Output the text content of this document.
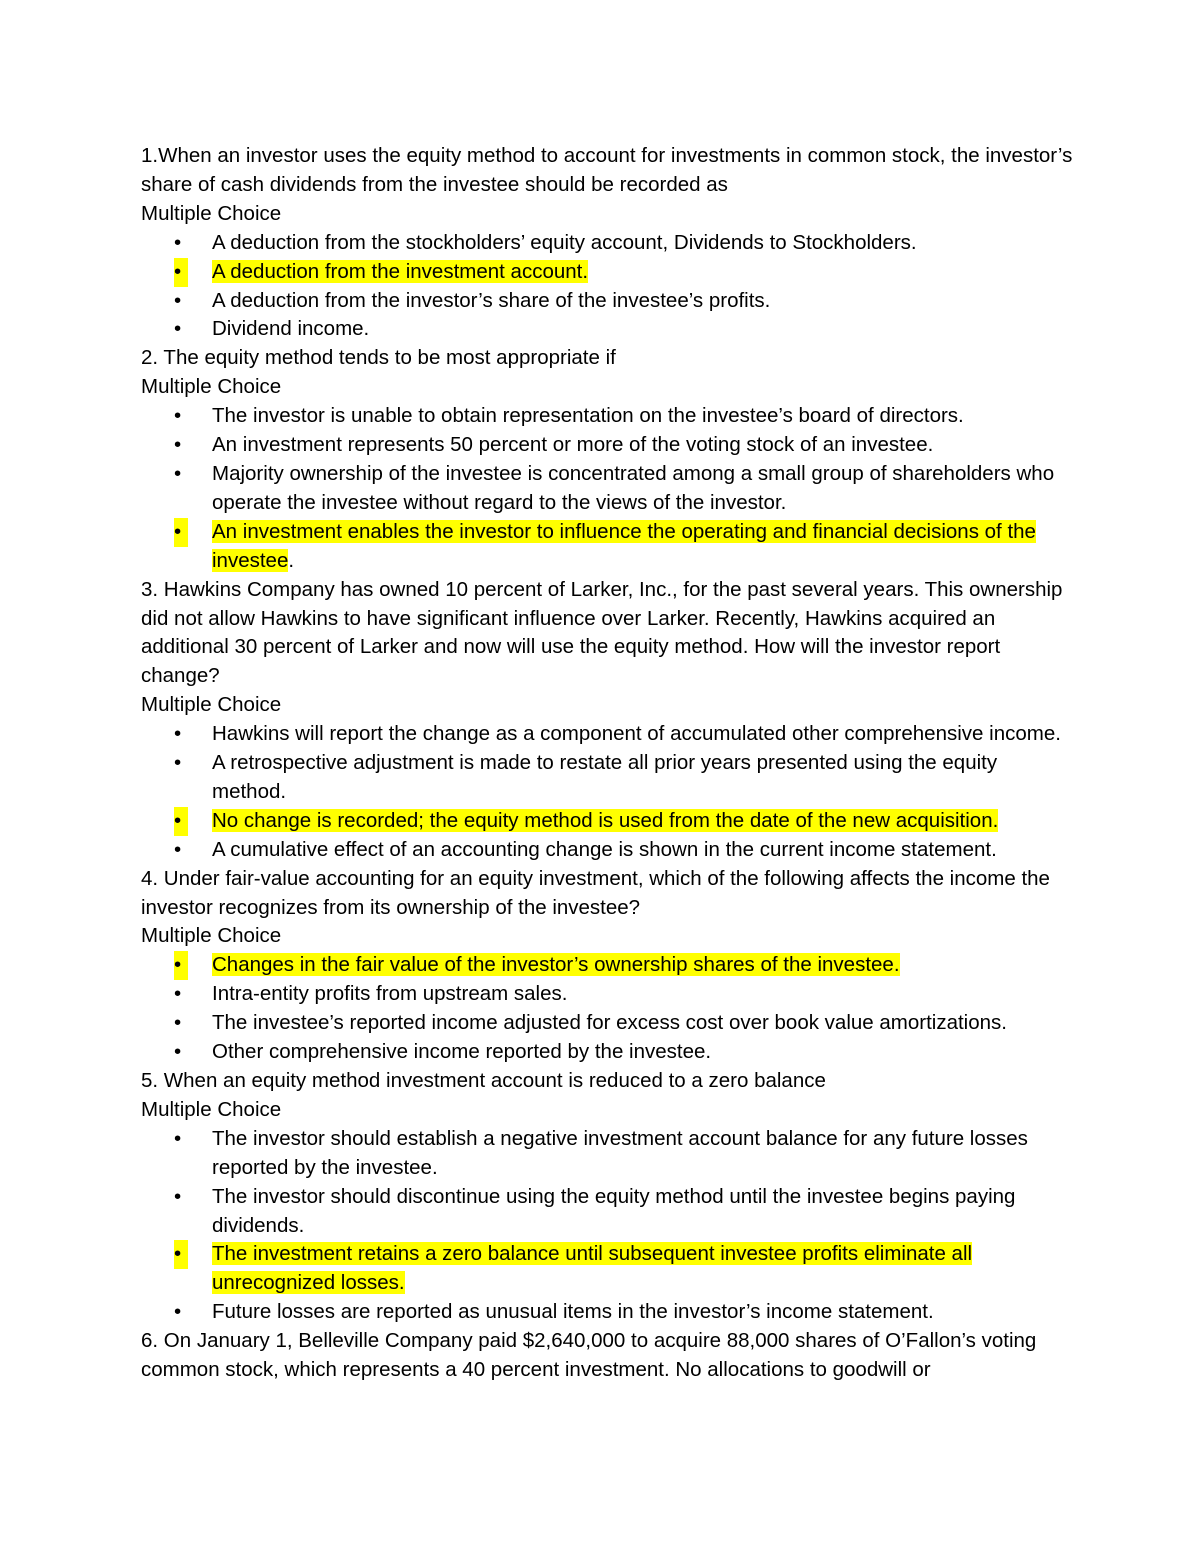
1.When an investor uses the equity method to account for investments in common stock, the investor’s share of cash dividends from the investee should be recorded as

Multiple Choice

•	A deduction from the stockholders’ equity account, Dividends to Stockholders.
•	A deduction from the investment account.
•	A deduction from the investor’s share of the investee’s profits.
•	Dividend income.

2. The equity method tends to be most appropriate if

Multiple Choice

•	The investor is unable to obtain representation on the investee’s board of directors.
•	An investment represents 50 percent or more of the voting stock of an investee.
•	Majority ownership of the investee is concentrated among a small group of shareholders who operate the investee without regard to the views of the investor.
•	An investment enables the investor to influence the operating and financial decisions of the investee.

3. Hawkins Company has owned 10 percent of Larker, Inc., for the past several years. This ownership did not allow Hawkins to have significant influence over Larker. Recently, Hawkins acquired an additional 30 percent of Larker and now will use the equity method. How will the investor report change?

Multiple Choice

•	Hawkins will report the change as a component of accumulated other comprehensive income.
•	A retrospective adjustment is made to restate all prior years presented using the equity method.
•	No change is recorded; the equity method is used from the date of the new acquisition.
•	A cumulative effect of an accounting change is shown in the current income statement.

4. Under fair-value accounting for an equity investment, which of the following affects the income the investor recognizes from its ownership of the investee?

Multiple Choice

•	Changes in the fair value of the investor’s ownership shares of the investee.
•	Intra-entity profits from upstream sales.
•	The investee’s reported income adjusted for excess cost over book value amortizations.
•	Other comprehensive income reported by the investee.

5. When an equity method investment account is reduced to a zero balance

Multiple Choice

•	The investor should establish a negative investment account balance for any future losses reported by the investee.
•	The investor should discontinue using the equity method until the investee begins paying dividends.
•	The investment retains a zero balance until subsequent investee profits eliminate all unrecognized losses.
•	Future losses are reported as unusual items in the investor’s income statement.

6. On January 1, Belleville Company paid $2,640,000 to acquire 88,000 shares of O’Fallon’s voting common stock, which represents a 40 percent investment. No allocations to goodwill or
